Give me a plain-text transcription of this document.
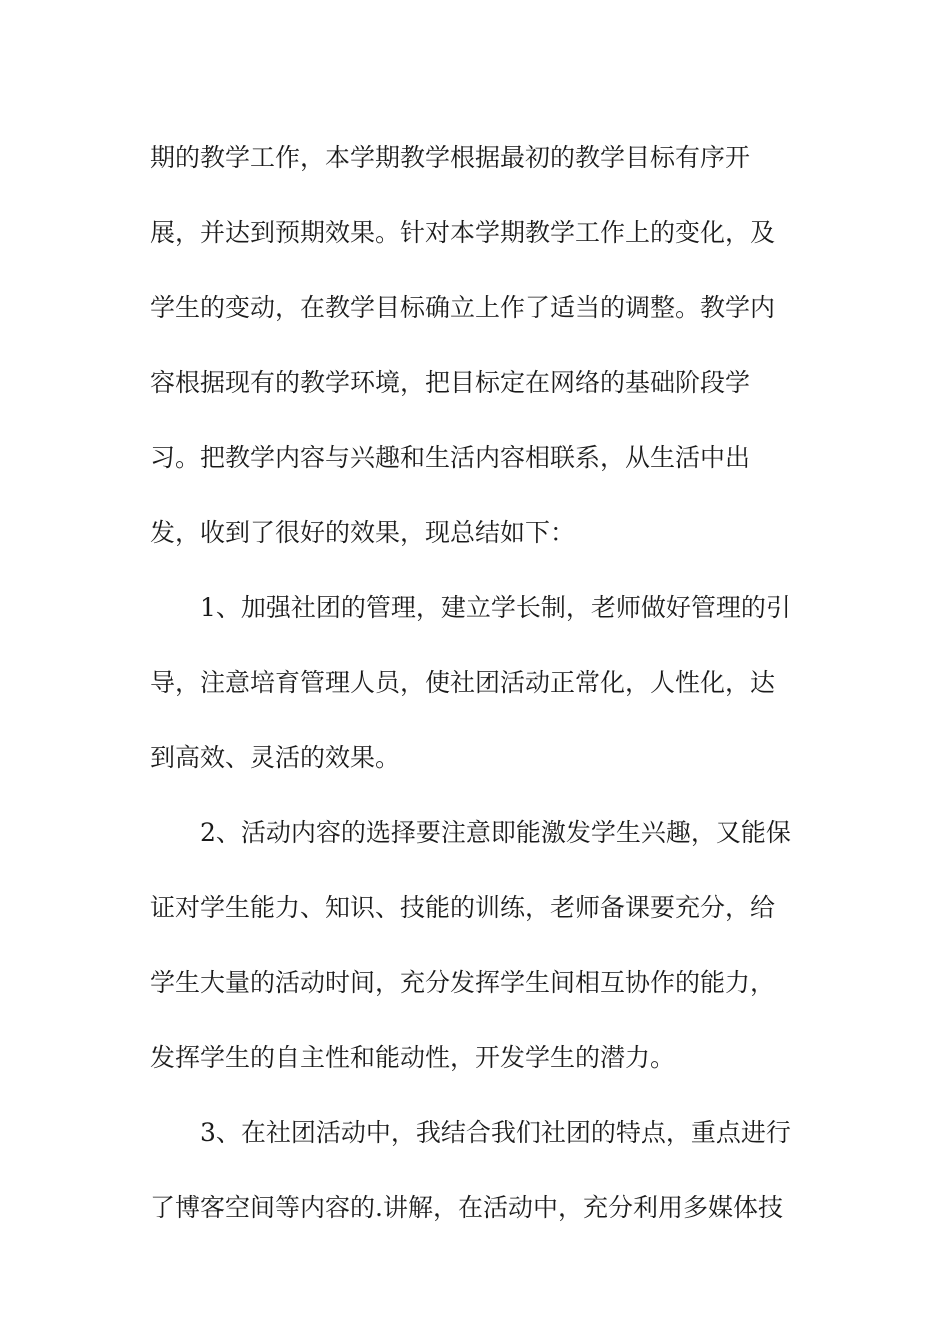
期的教学工作，本学期教学根据最初的教学目标有序开
展，并达到预期效果。针对本学期教学工作上的变化，及
学生的变动，在教学目标确立上作了适当的调整。教学内
容根据现有的教学环境，把目标定在网络的基础阶段学
习。把教学内容与兴趣和生活内容相联系，从生活中出
发，收到了很好的效果，现总结如下：
1、加强社团的管理，建立学长制，老师做好管理的引
导，注意培育管理人员，使社团活动正常化，人性化，达
到高效、灵活的效果。
2、活动内容的选择要注意即能激发学生兴趣，又能保
证对学生能力、知识、技能的训练，老师备课要充分，给
学生大量的活动时间，充分发挥学生间相互协作的能力，
发挥学生的自主性和能动性，开发学生的潜力。
3、在社团活动中，我结合我们社团的特点，重点进行
了博客空间等内容的.讲解，在活动中，充分利用多媒体技
